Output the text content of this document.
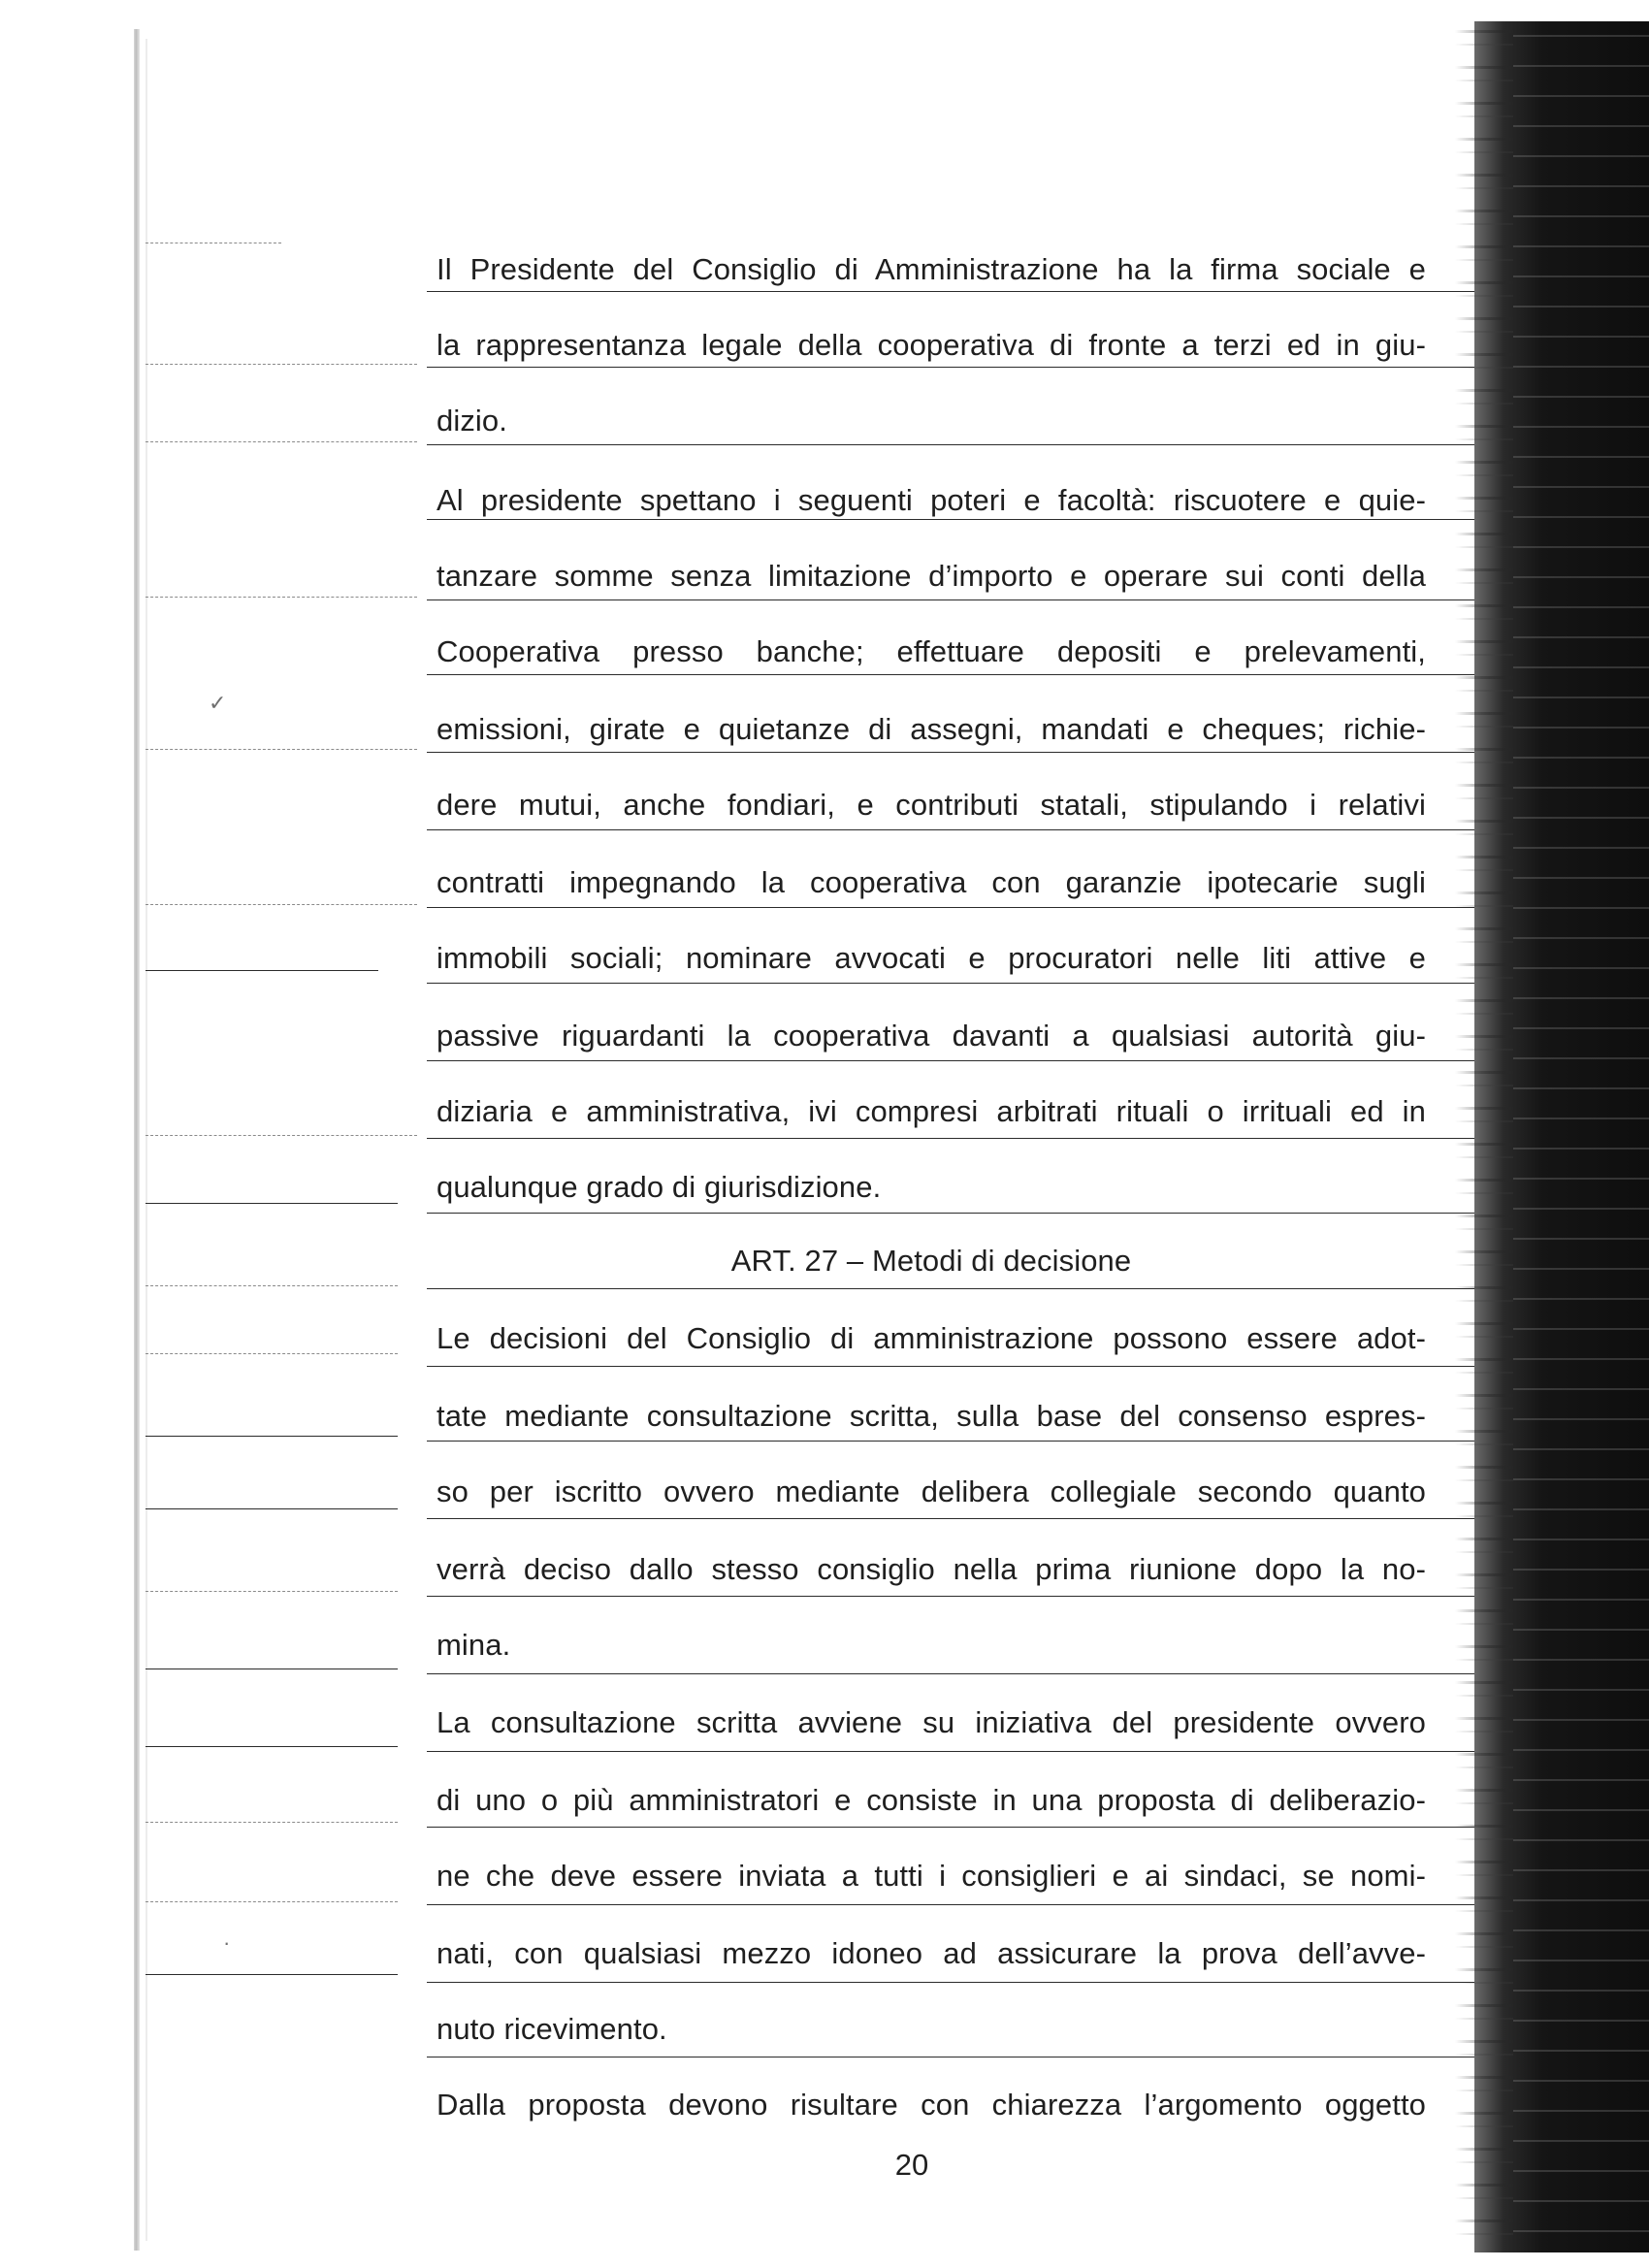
✓
·
Il Presidente del Consiglio di Amministrazione ha la firma sociale e
la rappresentanza legale della cooperativa di fronte a terzi ed in giu-
dizio.
Al presidente spettano i seguenti poteri e facoltà: riscuotere e quie-
tanzare somme senza limitazione d’importo e operare sui conti della
Cooperativa presso banche; effettuare depositi e prelevamenti,
emissioni, girate e quietanze di assegni, mandati e cheques; richie-
dere mutui, anche fondiari, e contributi statali, stipulando i relativi
contratti impegnando la cooperativa con garanzie ipotecarie sugli
immobili sociali; nominare avvocati e procuratori nelle liti attive e
passive riguardanti la cooperativa davanti a qualsiasi autorità giu-
diziaria e amministrativa, ivi compresi arbitrati rituali o irrituali ed in
qualunque grado di giurisdizione.
ART. 27 – Metodi di decisione
Le decisioni del Consiglio di amministrazione possono essere adot-
tate mediante consultazione scritta, sulla base del consenso espres-
so per iscritto ovvero mediante delibera collegiale secondo quanto
verrà deciso dallo stesso consiglio nella prima riunione dopo la no-
mina.
La consultazione scritta avviene su iniziativa del presidente ovvero
di uno o più amministratori e consiste in una proposta di deliberazio-
ne che deve essere inviata a tutti i consiglieri e ai sindaci, se nomi-
nati, con qualsiasi mezzo idoneo ad assicurare la prova dell’avve-
nuto ricevimento.
Dalla proposta devono risultare con chiarezza l’argomento oggetto
20
